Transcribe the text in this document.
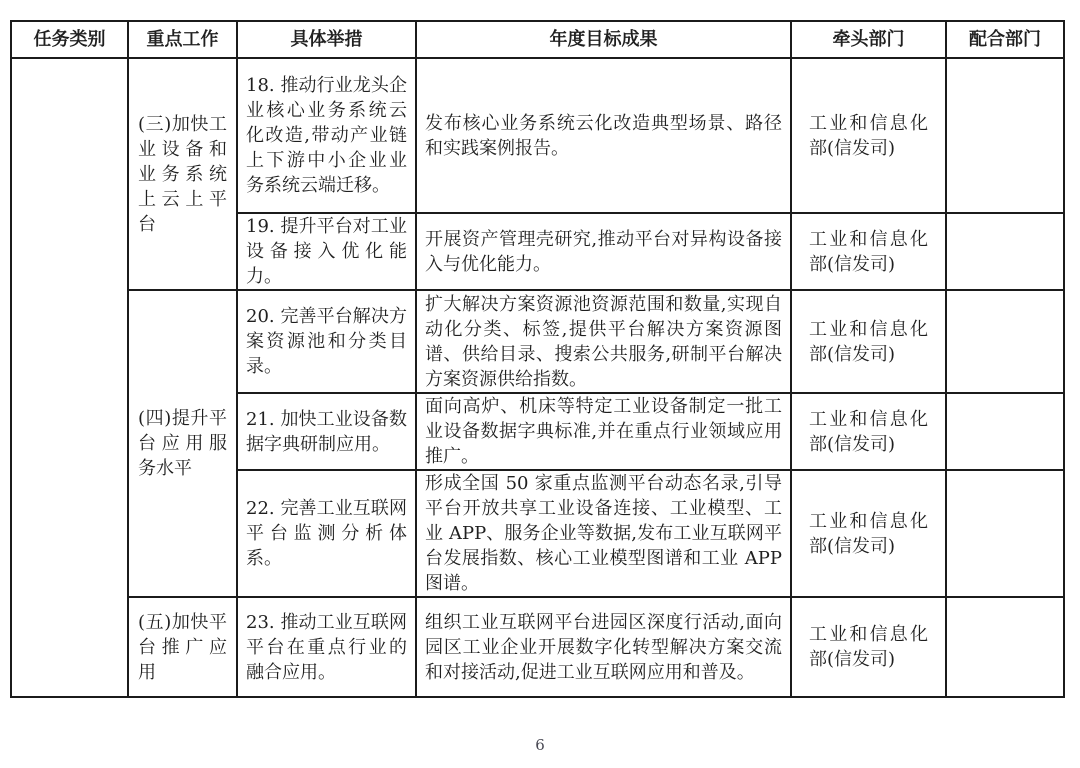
任务类别	重点工作	具体举措	年度目标成果	牵头部门	配合部门
	(三)加快工业设备和业务系统上云上平台	18. 推动行业龙头企业核心业务系统云化改造,带动产业链上下游中小企业业务系统云端迁移。	发布核心业务系统云化改造典型场景、路径和实践案例报告。	工业和信息化部(信发司)	
		19. 提升平台对工业设备接入优化能力。	开展资产管理壳研究,推动平台对异构设备接入与优化能力。	工业和信息化部(信发司)	
	(四)提升平台应用服务水平	20. 完善平台解决方案资源池和分类目录。	扩大解决方案资源池资源范围和数量,实现自动化分类、标签,提供平台解决方案资源图谱、供给目录、搜索公共服务,研制平台解决方案资源供给指数。	工业和信息化部(信发司)	
		21. 加快工业设备数据字典研制应用。	面向高炉、机床等特定工业设备制定一批工业设备数据字典标准,并在重点行业领域应用推广。	工业和信息化部(信发司)	
		22. 完善工业互联网平台监测分析体系。	形成全国 50 家重点监测平台动态名录,引导平台开放共享工业设备连接、工业模型、工业 APP、服务企业等数据,发布工业互联网平台发展指数、核心工业模型图谱和工业 APP 图谱。	工业和信息化部(信发司)	
	(五)加快平台推广应用	23. 推动工业互联网平台在重点行业的融合应用。	组织工业互联网平台进园区深度行活动,面向园区工业企业开展数字化转型解决方案交流和对接活动,促进工业互联网应用和普及。	工业和信息化部(信发司)	
6
